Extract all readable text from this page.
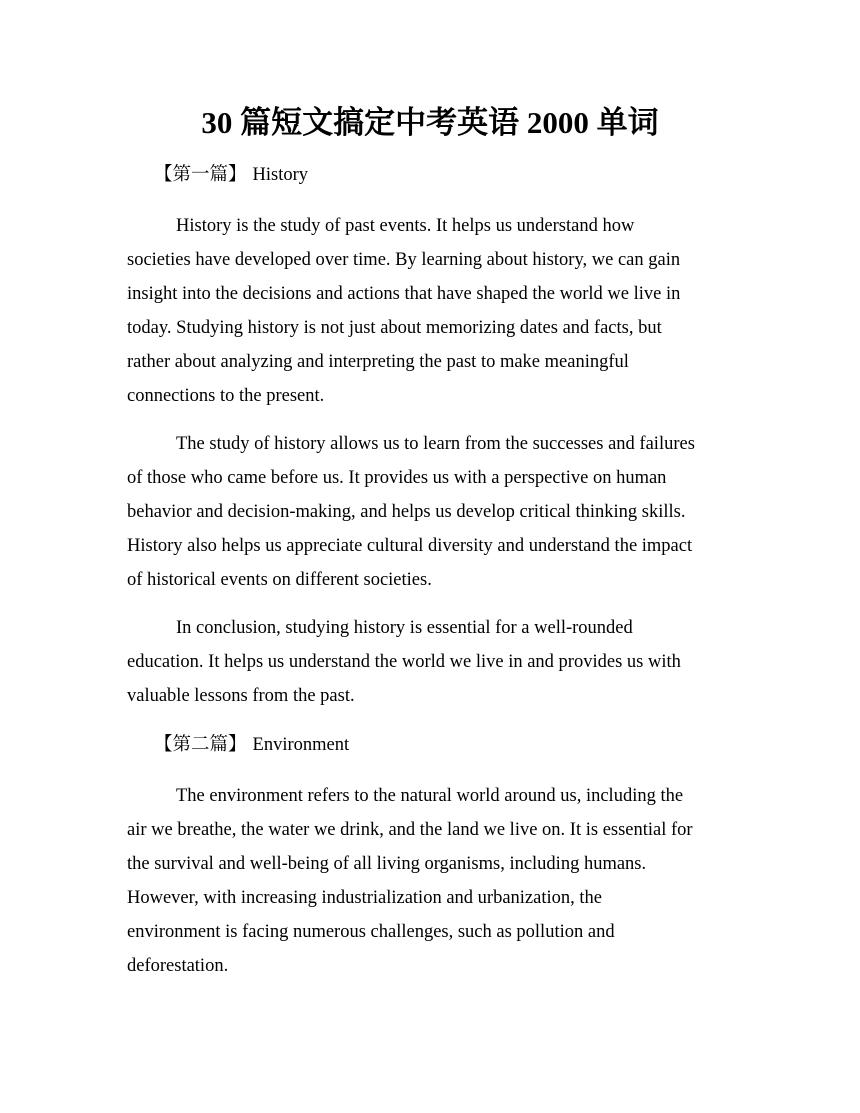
30 篇短文搞定中考英语 2000 单词
【第一篇】 History

History is the study of past events. It helps us understand how
societies have developed over time. By learning about history, we can gain
insight into the decisions and actions that have shaped the world we live in
today. Studying history is not just about memorizing dates and facts, but
rather about analyzing and interpreting the past to make meaningful
connections to the present.

The study of history allows us to learn from the successes and failures
of those who came before us. It provides us with a perspective on human
behavior and decision-making, and helps us develop critical thinking skills.
History also helps us appreciate cultural diversity and understand the impact
of historical events on different societies.

In conclusion, studying history is essential for a well-rounded
education. It helps us understand the world we live in and provides us with
valuable lessons from the past.

【第二篇】 Environment

The environment refers to the natural world around us, including the
air we breathe, the water we drink, and the land we live on. It is essential for
the survival and well-being of all living organisms, including humans.
However, with increasing industrialization and urbanization, the
environment is facing numerous challenges, such as pollution and
deforestation.
